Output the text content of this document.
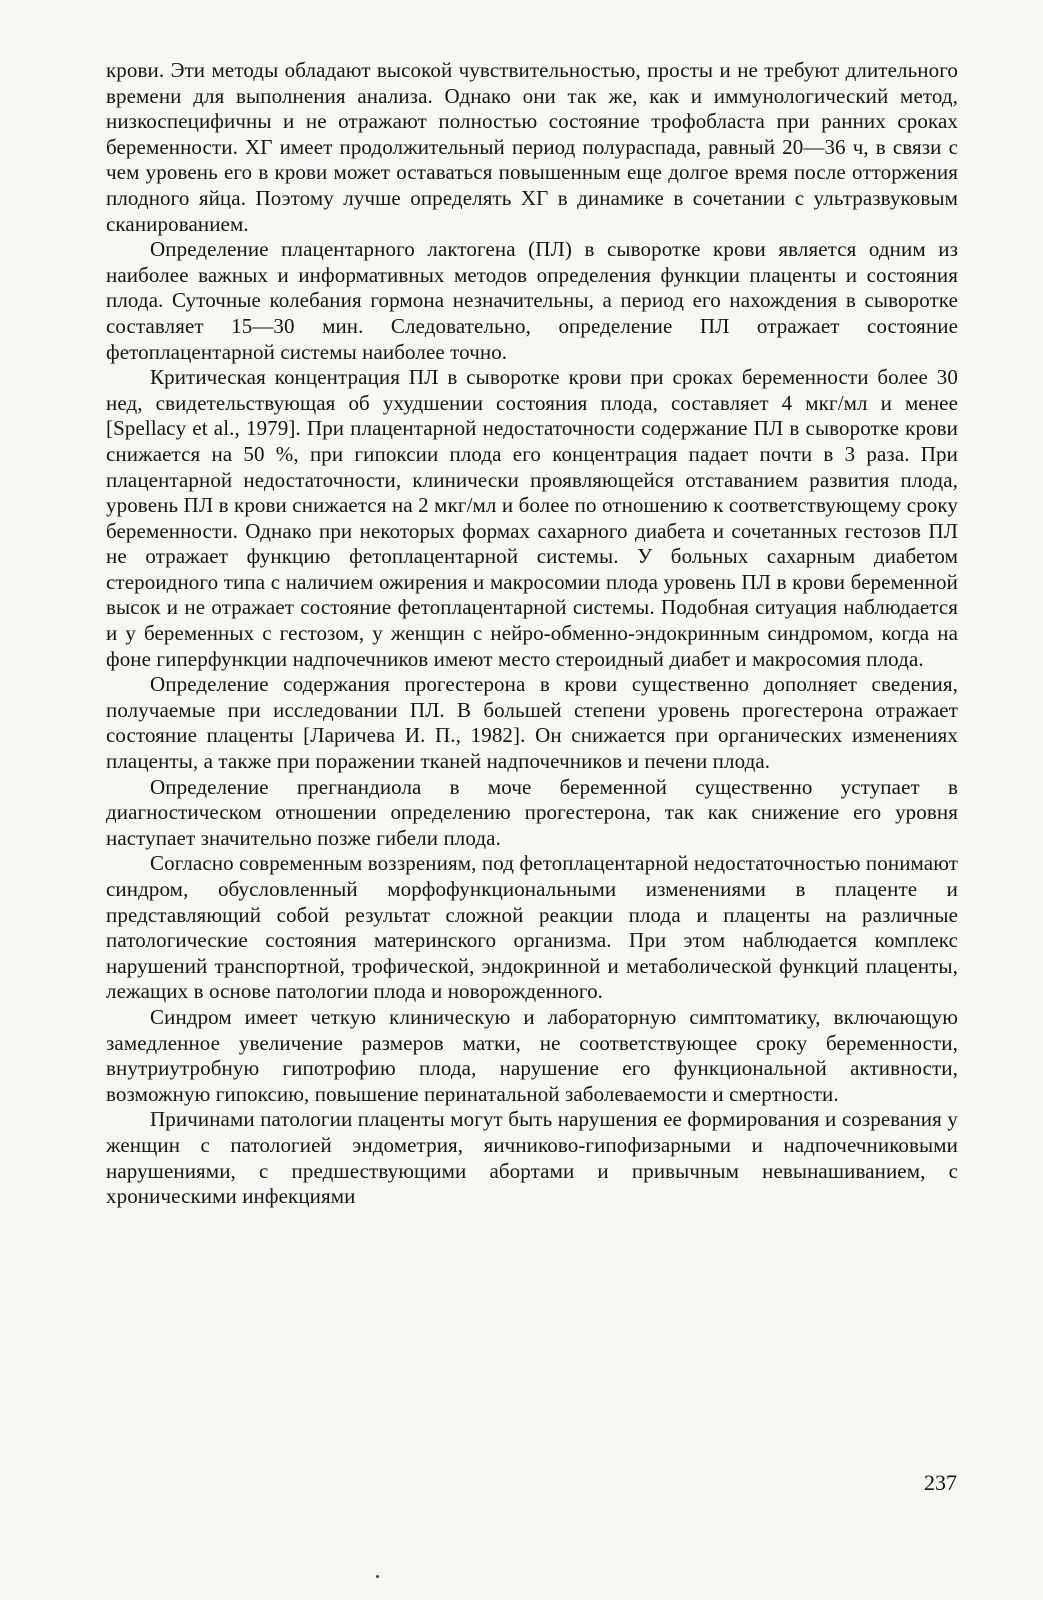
крови. Эти методы обладают высокой чувствительностью, просты и не требуют длительного времени для выполнения анализа. Однако они так же, как и иммунологический метод, низкоспецифичны и не отражают полностью состояние трофобласта при ранних сроках беременности. ХГ имеет продолжительный период полураспада, равный 20—36 ч, в связи с чем уровень его в крови может оставаться повышенным еще долгое время после отторжения плодного яйца. Поэтому лучше определять ХГ в динамике в сочетании с ультразвуковым сканированием.

Определение плацентарного лактогена (ПЛ) в сыворотке крови является одним из наиболее важных и информативных методов определения функции плаценты и состояния плода. Суточные колебания гормона незначительны, а период его нахождения в сыворотке составляет 15—30 мин. Следовательно, определение ПЛ отражает состояние фетоплацентарной системы наиболее точно.

Критическая концентрация ПЛ в сыворотке крови при сроках беременности более 30 нед, свидетельствующая об ухудшении состояния плода, составляет 4 мкг/мл и менее [Spellacy et al., 1979]. При плацентарной недостаточности содержание ПЛ в сыворотке крови снижается на 50 %, при гипоксии плода его концентрация падает почти в 3 раза. При плацентарной недостаточности, клинически проявляющейся отставанием развития плода, уровень ПЛ в крови снижается на 2 мкг/мл и более по отношению к соответствующему сроку беременности. Однако при некоторых формах сахарного диабета и сочетанных гестозов ПЛ не отражает функцию фетоплацентарной системы. У больных сахарным диабетом стероидного типа с наличием ожирения и макросомии плода уровень ПЛ в крови беременной высок и не отражает состояние фетоплацентарной системы. Подобная ситуация наблюдается и у беременных с гестозом, у женщин с нейро-обменно-эндокринным синдромом, когда на фоне гиперфункции надпочечников имеют место стероидный диабет и макросомия плода.

Определение содержания прогестерона в крови существенно дополняет сведения, получаемые при исследовании ПЛ. В большей степени уровень прогестерона отражает состояние плаценты [Ларичева И. П., 1982]. Он снижается при органических изменениях плаценты, а также при поражении тканей надпочечников и печени плода.

Определение прегнандиола в моче беременной существенно уступает в диагностическом отношении определению прогестерона, так как снижение его уровня наступает значительно позже гибели плода.

Согласно современным воззрениям, под фетоплацентарной недостаточностью понимают синдром, обусловленный морфофункциональными изменениями в плаценте и представляющий собой результат сложной реакции плода и плаценты на различные патологические состояния материнского организма. При этом наблюдается комплекс нарушений транспортной, трофической, эндокринной и метаболической функций плаценты, лежащих в основе патологии плода и новорожденного.

Синдром имеет четкую клиническую и лабораторную симптоматику, включающую замедленное увеличение размеров матки, не соответствующее сроку беременности, внутриутробную гипотрофию плода, нарушение его функциональной активности, возможную гипоксию, повышение перинатальной заболеваемости и смертности.

Причинами патологии плаценты могут быть нарушения ее формирования и созревания у женщин с патологией эндометрия, яичниково-гипофизарными и надпочечниковыми нарушениями, с предшествующими абортами и привычным невынашиванием, с хроническими инфекциями

237
